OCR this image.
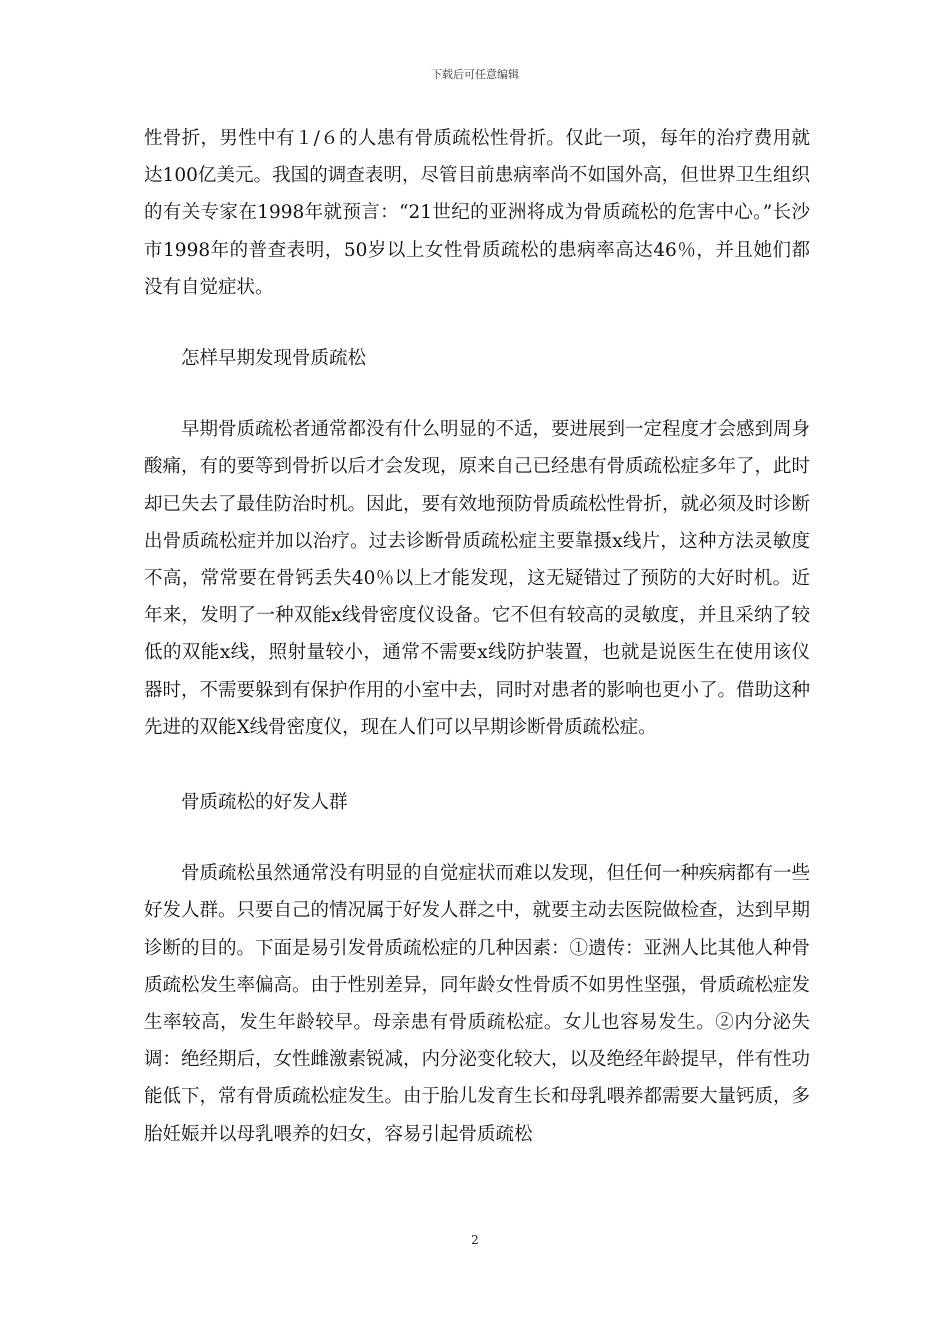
下载后可任意编辑

性骨折，男性中有１/６的人患有骨质疏松性骨折。仅此一项，每年的治疗费用就达100亿美元。我国的调查表明，尽管目前患病率尚不如国外高，但世界卫生组织的有关专家在1998年就预言：“21世纪的亚洲将成为骨质疏松的危害中心。”长沙市1998年的普查表明，50岁以上女性骨质疏松的患病率高达46％，并且她们都没有自觉症状。

怎样早期发现骨质疏松

早期骨质疏松者通常都没有什么明显的不适，要进展到一定程度才会感到周身酸痛，有的要等到骨折以后才会发现，原来自己已经患有骨质疏松症多年了，此时却已失去了最佳防治时机。因此，要有效地预防骨质疏松性骨折，就必须及时诊断出骨质疏松症并加以治疗。过去诊断骨质疏松症主要靠摄x线片，这种方法灵敏度不高，常常要在骨钙丢失40％以上才能发现，这无疑错过了预防的大好时机。近年来，发明了一种双能x线骨密度仪设备。它不但有较高的灵敏度，并且采纳了较低的双能x线，照射量较小，通常不需要x线防护装置，也就是说医生在使用该仪器时，不需要躲到有保护作用的小室中去，同时对患者的影响也更小了。借助这种先进的双能X线骨密度仪，现在人们可以早期诊断骨质疏松症。

骨质疏松的好发人群

骨质疏松虽然通常没有明显的自觉症状而难以发现，但任何一种疾病都有一些好发人群。只要自己的情况属于好发人群之中，就要主动去医院做检查，达到早期诊断的目的。下面是易引发骨质疏松症的几种因素：①遗传：亚洲人比其他人种骨质疏松发生率偏高。由于性别差异，同年龄女性骨质不如男性坚强，骨质疏松症发生率较高，发生年龄较早。母亲患有骨质疏松症。女儿也容易发生。②内分泌失调：绝经期后，女性雌激素锐减，内分泌变化较大，以及绝经年龄提早，伴有性功能低下，常有骨质疏松症发生。由于胎儿发育生长和母乳喂养都需要大量钙质，多胎妊娠并以母乳喂养的妇女，容易引起骨质疏松

2
